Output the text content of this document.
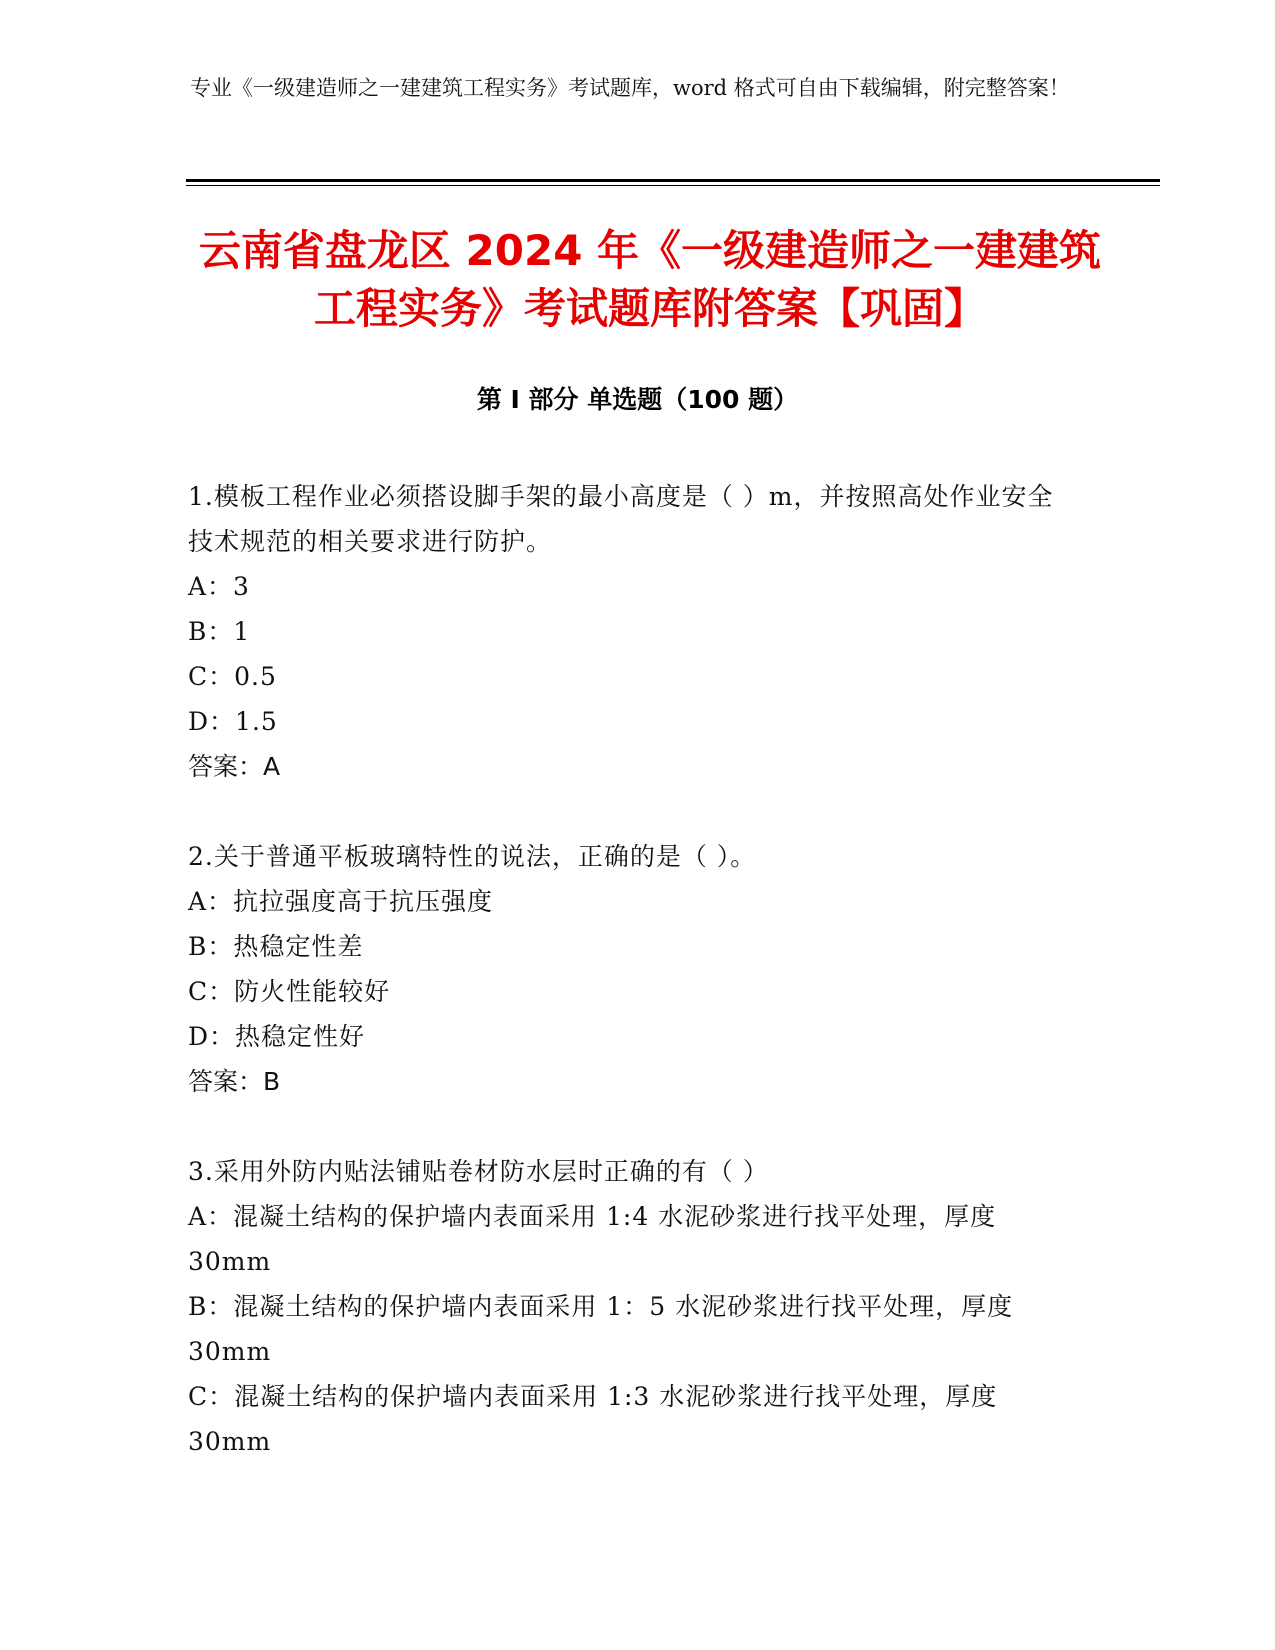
专业《一级建造师之一建建筑工程实务》考试题库，word 格式可自由下载编辑，附完整答案！
云南省盘龙区 2024 年《一级建造师之一建建筑工程实务》考试题库附答案【巩固】
第 I 部分 单选题（100 题）

1.模板工程作业必须搭设脚手架的最小高度是（ ）m，并按照高处作业安全技术规范的相关要求进行防护。

A：3

B：1

C：0.5

D：1.5

答案：A

2.关于普通平板玻璃特性的说法，正确的是（ ）。

A：抗拉强度高于抗压强度

B：热稳定性差

C：防火性能较好

D：热稳定性好

答案：B

3.采用外防内贴法铺贴卷材防水层时正确的有（ ）

A：混凝土结构的保护墙内表面采用 1:4 水泥砂浆进行找平处理，厚度 30mm

B：混凝土结构的保护墙内表面采用 1：5 水泥砂浆进行找平处理，厚度 30mm

C：混凝土结构的保护墙内表面采用 1:3 水泥砂浆进行找平处理，厚度 30mm
